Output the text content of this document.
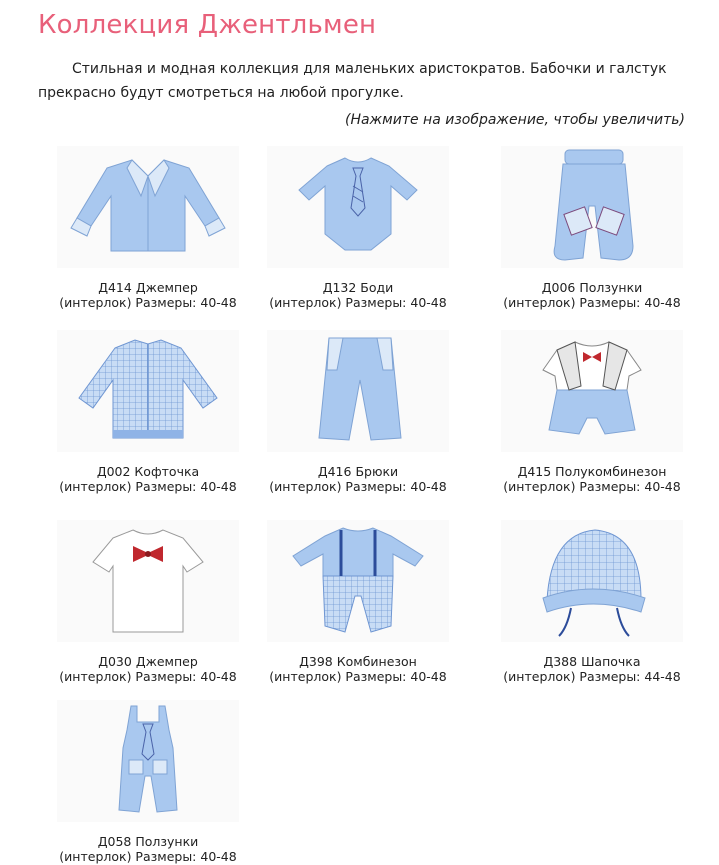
Коллекция Джентльмен

Стильная и модная коллекция для маленьких аристократов. Бабочки и галстук прекрасно будут смотреться на любой прогулке.

(Нажмите на изображение, чтобы увеличить)
Д414 Джемпер
(интерлок) Размеры: 40-48
Д132 Боди
(интерлок) Размеры: 40-48
Д006 Ползунки
(интерлок) Размеры: 40-48
Д002 Кофточка
(интерлок) Размеры: 40-48
Д416 Брюки
(интерлок) Размеры: 40-48
Д415 Полукомбинезон
(интерлок) Размеры: 40-48
Д030 Джемпер
(интерлок) Размеры: 40-48
Д398 Комбинезон
(интерлок) Размеры: 40-48
Д388 Шапочка
(интерлок) Размеры: 44-48
Д058 Ползунки
(интерлок) Размеры: 40-48
